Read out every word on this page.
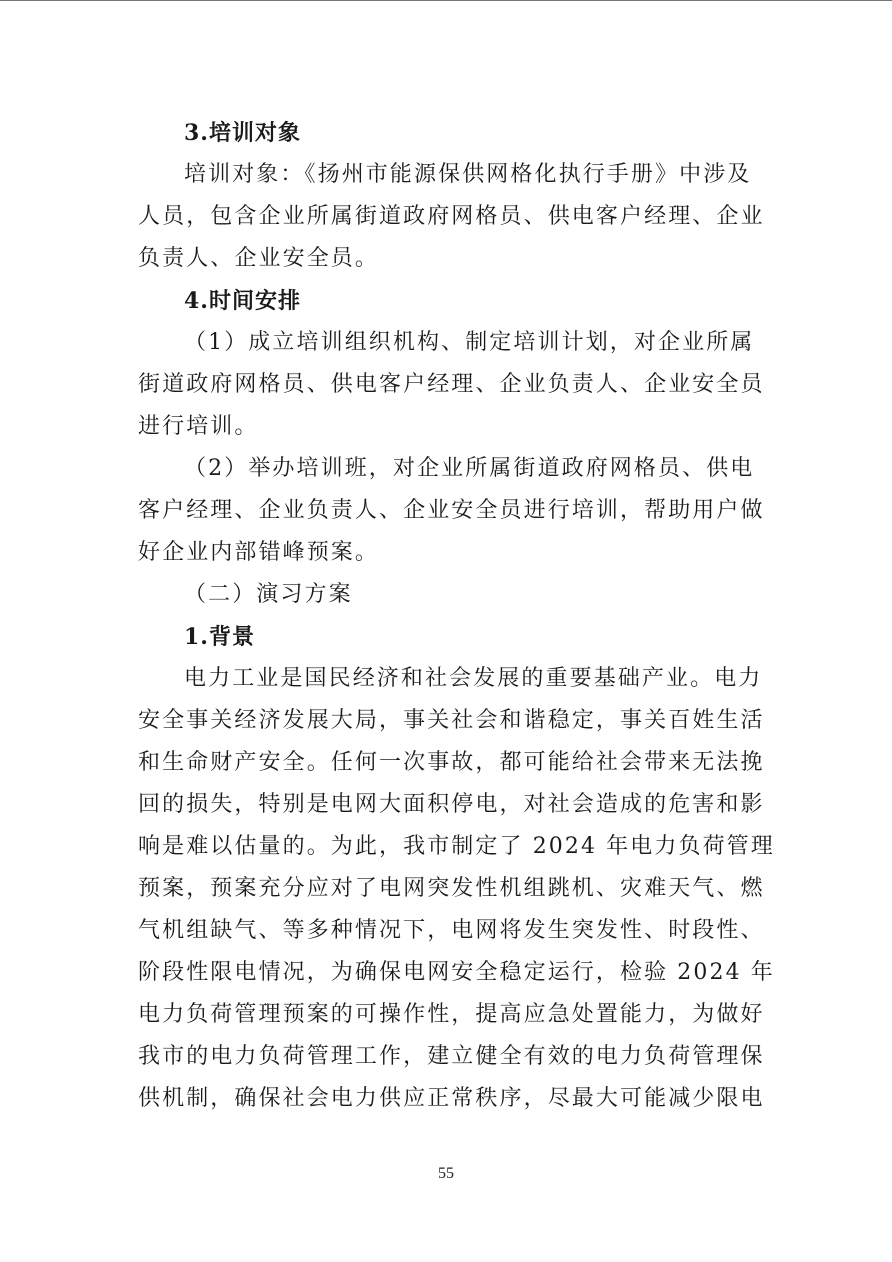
3.培训对象
培训对象：《扬州市能源保供网格化执行手册》中涉及
人员，包含企业所属街道政府网格员、供电客户经理、企业
负责人、企业安全员。
4.时间安排
（1）成立培训组织机构、制定培训计划，对企业所属
街道政府网格员、供电客户经理、企业负责人、企业安全员
进行培训。
（2）举办培训班，对企业所属街道政府网格员、供电
客户经理、企业负责人、企业安全员进行培训，帮助用户做
好企业内部错峰预案。
（二）演习方案
1.背景
电力工业是国民经济和社会发展的重要基础产业。电力
安全事关经济发展大局，事关社会和谐稳定，事关百姓生活
和生命财产安全。任何一次事故，都可能给社会带来无法挽
回的损失，特别是电网大面积停电，对社会造成的危害和影
响是难以估量的。为此，我市制定了 2024 年电力负荷管理
预案，预案充分应对了电网突发性机组跳机、灾难天气、燃
气机组缺气、等多种情况下，电网将发生突发性、时段性、
阶段性限电情况，为确保电网安全稳定运行，检验 2024 年
电力负荷管理预案的可操作性，提高应急处置能力，为做好
我市的电力负荷管理工作，建立健全有效的电力负荷管理保
供机制，确保社会电力供应正常秩序，尽最大可能减少限电
55
